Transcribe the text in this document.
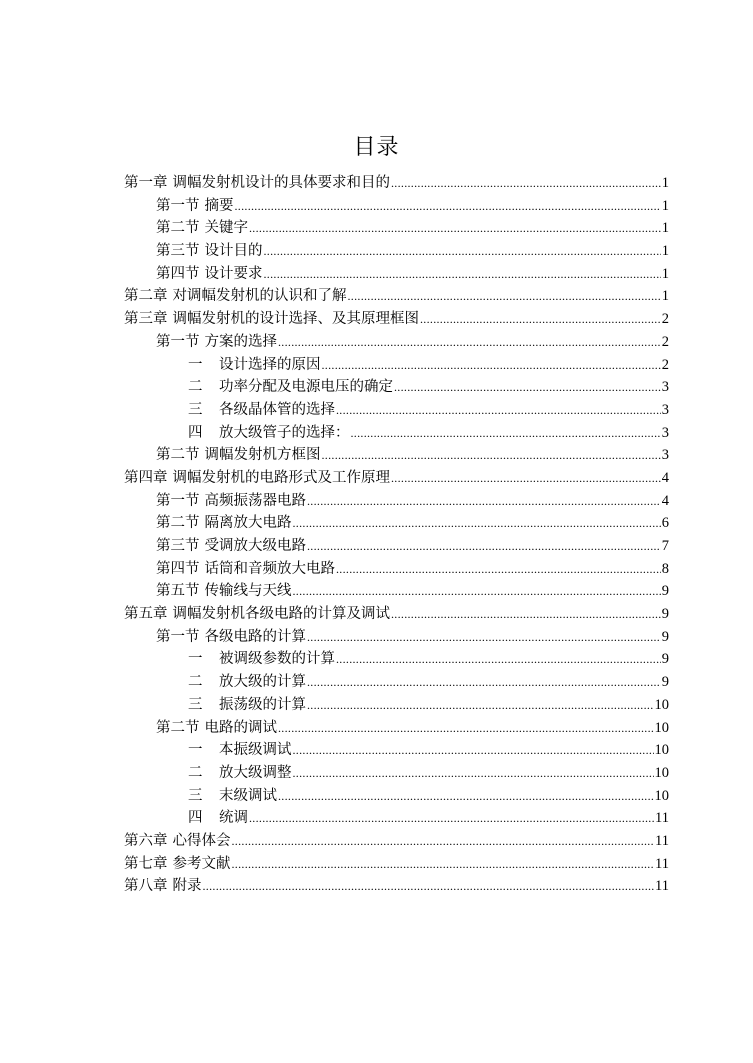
目录
第一章 调幅发射机设计的具体要求和目的 .....	1
第一节 摘要 .....	1
第二节 关键字 .....	1
第三节 设计目的 .....	1
第四节 设计要求 .....	1
第二章 对调幅发射机的认识和了解 .....	1
第三章 调幅发射机的设计选择、及其原理框图 .....	2
第一节 方案的选择 .....	2
一 设计选择的原因 .....	2
二 功率分配及电源电压的确定 .....	3
三 各级晶体管的选择 .....	3
四 放大级管子的选择： .....	3
第二节 调幅发射机方框图 .....	3
第四章 调幅发射机的电路形式及工作原理 .....	4
第一节 高频振荡器电路 .....	4
第二节 隔离放大电路 .....	6
第三节 受调放大级电路 .....	7
第四节 话筒和音频放大电路 .....	8
第五节 传输线与天线 .....	9
第五章 调幅发射机各级电路的计算及调试 .....	9
第一节 各级电路的计算 .....	9
一 被调级参数的计算 .....	9
二 放大级的计算 .....	9
三 振荡级的计算 .....	10
第二节 电路的调试 .....	10
一 本振级调试 .....	10
二 放大级调整 .....	10
三 末级调试 .....	10
四 统调 .....	11
第六章 心得体会 .....	11
第七章 参考文献 .....	11
第八章 附录 .....	11
